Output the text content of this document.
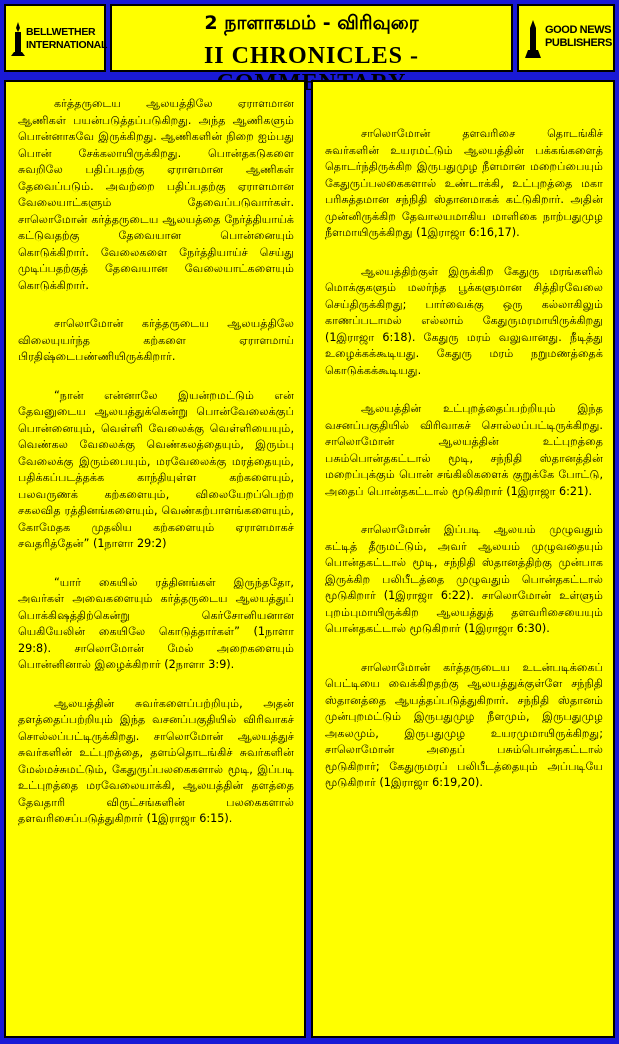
BELLWETHER
INTERNATIONAL
2 நாளாகமம் - விரிவுரை
II CHRONICLES -
GOOD NEWS
PUBLISHERS

கர்த்தருடைய ஆலயத்திலே ஏராளமான ஆணிகள் பயன்படுத்தப்படுகிறது. அந்த ஆணிகளும் பொன்னாகவே இருக்கிறது. ஆணிகளின் நிறை ஐம்பது பொன் சேக்கலாயிருக்கிறது. பொன்தகடுகளை சுவறிலே பதிப்பதற்கு ஏராளமான ஆணிகள் தேவைப்படும். அவற்றை பதிப்பதற்கு ஏராளமான வேலையாட்களும் தேவைப்படுவார்கள். சாலொமோன் கர்த்தருடைய ஆலயத்தை நேர்த்தியாய்க் கட்டுவதற்கு தேவையான பொன்னையும் கொடுக்கிறார். வேலைகளை நேர்த்தியாய்ச் செய்து முடிப்பதற்குத் தேவையான வேலையாட்களையும் கொடுக்கிறார்.

சாலொமோன் கர்த்தருடைய ஆலயத்திலே விலையுயர்ந்த கற்களை ஏராளமாய் பிரதிஷ்டைபண்ணியிருக்கிறார்.

“நான் என்னாலே இயன்றமட்டும் என் தேவனுடைய ஆலயத்துக்கென்று பொன்வேலைக்குப் பொன்னையும், வெள்ளி வேலைக்கு வெள்ளியையும், வெண்கல வேலைக்கு வெண்கலத்தையும், இரும்பு வேலைக்கு இரும்பையும், மரவேலைக்கு மரத்தையும், பதிக்கப்படத்தக்க காந்தியுள்ள கற்களையும், பலவருணக் கற்களையும், விலையேறப்பெற்ற சகலவித ரத்தினங்களையும், வெண்கற்பாளங்களையும், கோமேதக முதலிய கற்களையும் ஏராளமாகச் சவதரித்தேன்” (1நாளா 29:2)

“யார் கையில் ரத்தினங்கள் இருந்ததோ, அவர்கள் அவைகளையும் கர்த்தருடைய ஆலயத்துப் பொக்கிஷத்திற்கென்று கெர்சோனியனான யெகியேலின் கையிலே கொடுத்தார்கள்” (1நாளா 29:8). சாலொமோன் மேல் அறைகளையும் பொன்னினால் இழைக்கிறார் (2நாளா 3:9).

ஆலயத்தின் சுவர்களைப்பற்றியும், அதன் தளத்தைப்பற்றியும் இந்த வசனப்பகுதியில் விரிவாகச் சொல்லப்பட்டிருக்கிறது. சாலொமோன் ஆலயத்துச் சுவர்களின் உட்புறத்தை, தளம்தொடங்கிச் சுவர்களின் மேல்மச்சுமட்டும், கேதுருப்பலகைகளால் மூடி, இப்படி உட்புறத்தை மரவேலையாக்கி, ஆலயத்தின் தளத்தை தேவதாரி விருட்சங்களின் பலகைகளால் தளவரிசைப்படுத்துகிறார் (1இராஜா 6:15).

சாலொமோன் தளவரிசை தொடங்கிச் சுவர்களின் உயரமட்டும் ஆலயத்தின் பக்கங்களைத் தொடர்ந்திருக்கிற இருபதுமுழ நீளமான மறைப்பையும் கேதுருப்பலகைகளால் உண்டாக்கி, உட்புறத்தை மகா பரிசுத்தமான சந்நிதி ஸ்தானமாகக் கட்டுகிறார். அதின் முன்னிருக்கிற தேவாலயமாகிய மாளிகை நாற்பதுமுழ நீளமாயிருக்கிறது (1இராஜா 6:16,17).

ஆலயத்திற்குள் இருக்கிற கேதுரு மரங்களில் மொக்குகளும் மலர்ந்த பூக்களுமான சித்திரவேலை செய்திருக்கிறது; பார்வைக்கு ஒரு கல்லாகிலும் காணப்படாமல் எல்லாம் கேதுருமரமாயிருக்கிறது (1இராஜா 6:18). கேதுரு மரம் வலுவானது. நீடித்து உழைக்கக்கூடியது. கேதுரு மரம் நறுமணத்தைக் கொடுக்கக்கூடியது.

ஆலயத்தின் உட்புறத்தைப்பற்றியும் இந்த வசனப்பகுதியில் விரிவாகச் சொல்லப்பட்டிருக்கிறது. சாலொமோன் ஆலயத்தின் உட்புறத்தை பசும்பொன்தகட்டால் மூடி, சந்நிதி ஸ்தானத்தின் மறைப்புக்கும் பொன் சங்கிலிகளைக் குறுக்கே போட்டு, அதைப் பொன்தகட்டால் மூடுகிறார் (1இராஜா 6:21).

சாலொமோன் இப்படி ஆலயம் முழுவதும் கட்டித் தீருமட்டும், அவர் ஆலயம் முழுவதையும் பொன்தகட்டால் மூடி, சந்நிதி ஸ்தானத்திற்கு முன்பாக இருக்கிற பலிபீடத்தை முழுவதும் பொன்தகட்டால் மூடுகிறார் (1இராஜா 6:22). சாலொமோன் உள்ளும் புறம்புமாயிருக்கிற ஆலயத்துத் தளவரிசையையும் பொன்தகட்டால் மூடுகிறார் (1இராஜா 6:30).

சாலொமோன் கர்த்தருடைய உடன்படிக்கைப் பெட்டியை வைக்கிறதற்கு ஆலயத்துக்குள்ளே சந்நிதி ஸ்தானத்தை ஆயத்தப்படுத்துகிறார். சந்நிதி ஸ்தானம் முன்புறமட்டும் இருபதுமுழ நீளமும், இருபதுமுழ அகலமும், இருபதுமுழ உயரமுமாயிருக்கிறது; சாலொமோன் அதைப் பசும்பொன்தகட்டால் மூடுகிறார்; கேதுருமரப் பலிபீடத்தையும் அப்படியே மூடுகிறார் (1இராஜா 6:19,20).
